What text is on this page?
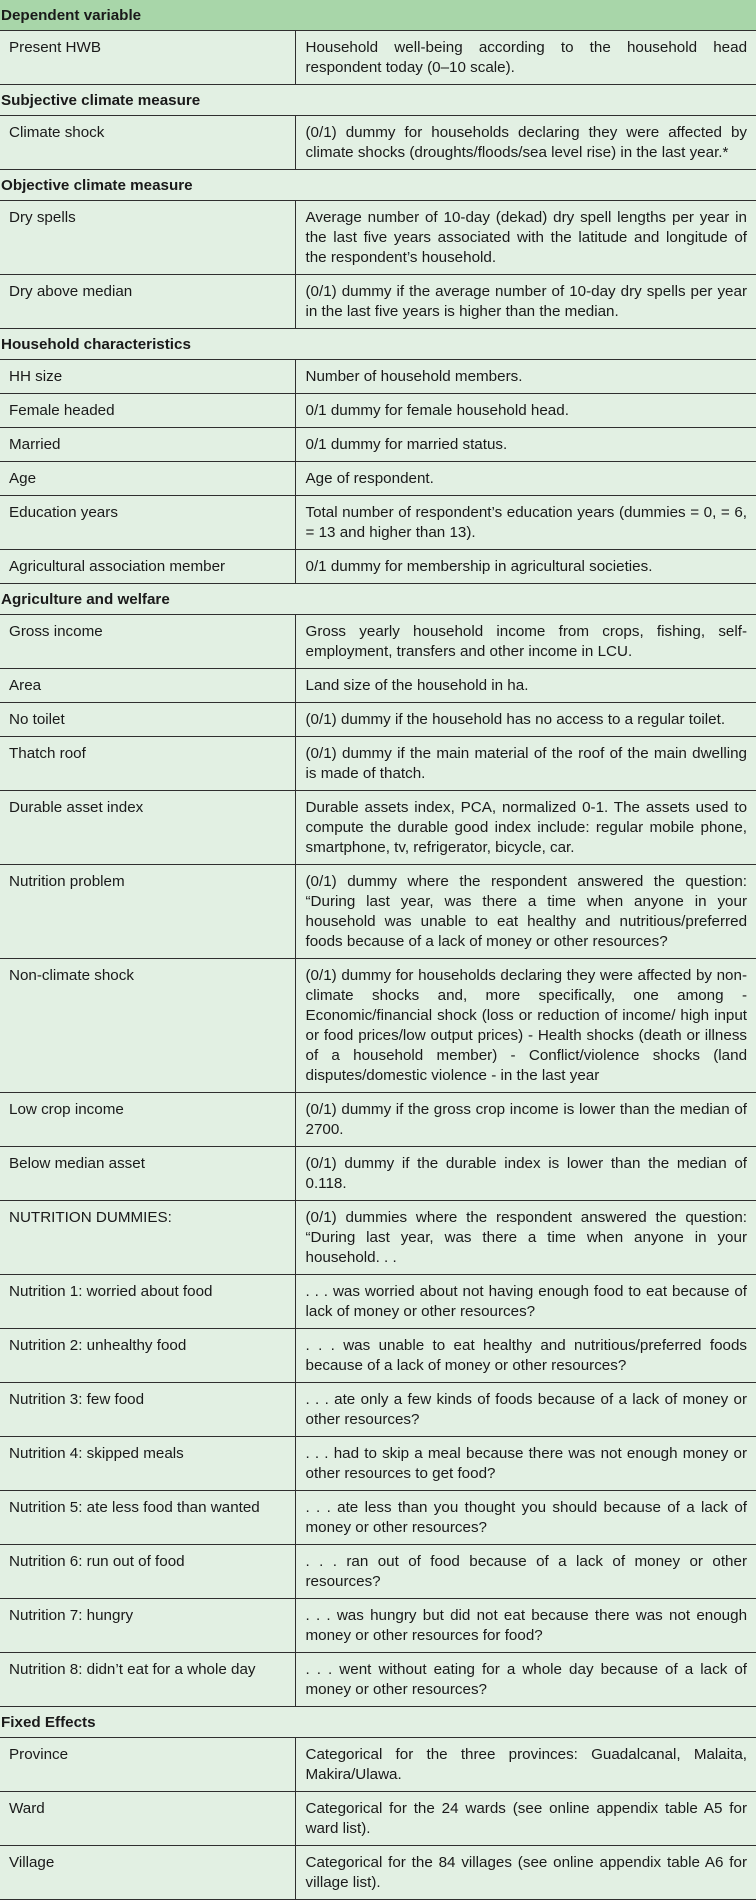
Dependent variable	
Present HWB	Household well-being according to the household head respondent today (0–10 scale).
Subjective climate measure	
Climate shock	(0/1) dummy for households declaring they were affected by climate shocks (droughts/floods/sea level rise) in the last year.*
Objective climate measure	
Dry spells	Average number of 10-day (dekad) dry spell lengths per year in the last five years associated with the latitude and longitude of the respondent’s household.
Dry above median	(0/1) dummy if the average number of 10-day dry spells per year in the last five years is higher than the median.
Household characteristics	
HH size	Number of household members.
Female headed	0/1 dummy for female household head.
Married	0/1 dummy for married status.
Age	Age of respondent.
Education years	Total number of respondent’s education years (dummies = 0, = 6, = 13 and higher than 13).
Agricultural association member	0/1 dummy for membership in agricultural societies.
Agriculture and welfare	
Gross income	Gross yearly household income from crops, fishing, self-employment, transfers and other income in LCU.
Area	Land size of the household in ha.
No toilet	(0/1) dummy if the household has no access to a regular toilet.
Thatch roof	(0/1) dummy if the main material of the roof of the main dwelling is made of thatch.
Durable asset index	Durable assets index, PCA, normalized 0-1. The assets used to compute the durable good index include: regular mobile phone, smartphone, tv, refrigerator, bicycle, car.
Nutrition problem	(0/1) dummy where the respondent answered the question: “During last year, was there a time when anyone in your household was unable to eat healthy and nutritious/preferred foods because of a lack of money or other resources?
Non-climate shock	(0/1) dummy for households declaring they were affected by non-climate shocks and, more specifically, one among - Economic/financial shock (loss or reduction of income/ high input or food prices/low output prices) - Health shocks (death or illness of a household member) - Conflict/violence shocks (land disputes/domestic violence - in the last year
Low crop income	(0/1) dummy if the gross crop income is lower than the median of 2700.
Below median asset	(0/1) dummy if the durable index is lower than the median of 0.118.
NUTRITION DUMMIES:	(0/1) dummies where the respondent answered the question: “During last year, was there a time when anyone in your household. . .
Nutrition 1: worried about food	. . . was worried about not having enough food to eat because of lack of money or other resources?
Nutrition 2: unhealthy food	. . . was unable to eat healthy and nutritious/preferred foods because of a lack of money or other resources?
Nutrition 3: few food	. . . ate only a few kinds of foods because of a lack of money or other resources?
Nutrition 4: skipped meals	. . . had to skip a meal because there was not enough money or other resources to get food?
Nutrition 5: ate less food than wanted	. . . ate less than you thought you should because of a lack of money or other resources?
Nutrition 6: run out of food	. . . ran out of food because of a lack of money or other resources?
Nutrition 7: hungry	. . . was hungry but did not eat because there was not enough money or other resources for food?
Nutrition 8: didn’t eat for a whole day	. . . went without eating for a whole day because of a lack of money or other resources?
Fixed Effects	
Province	Categorical for the three provinces: Guadalcanal, Malaita, Makira/Ulawa.
Ward	Categorical for the 24 wards (see online appendix table A5 for ward list).
Village	Categorical for the 84 villages (see online appendix table A6 for village list).
